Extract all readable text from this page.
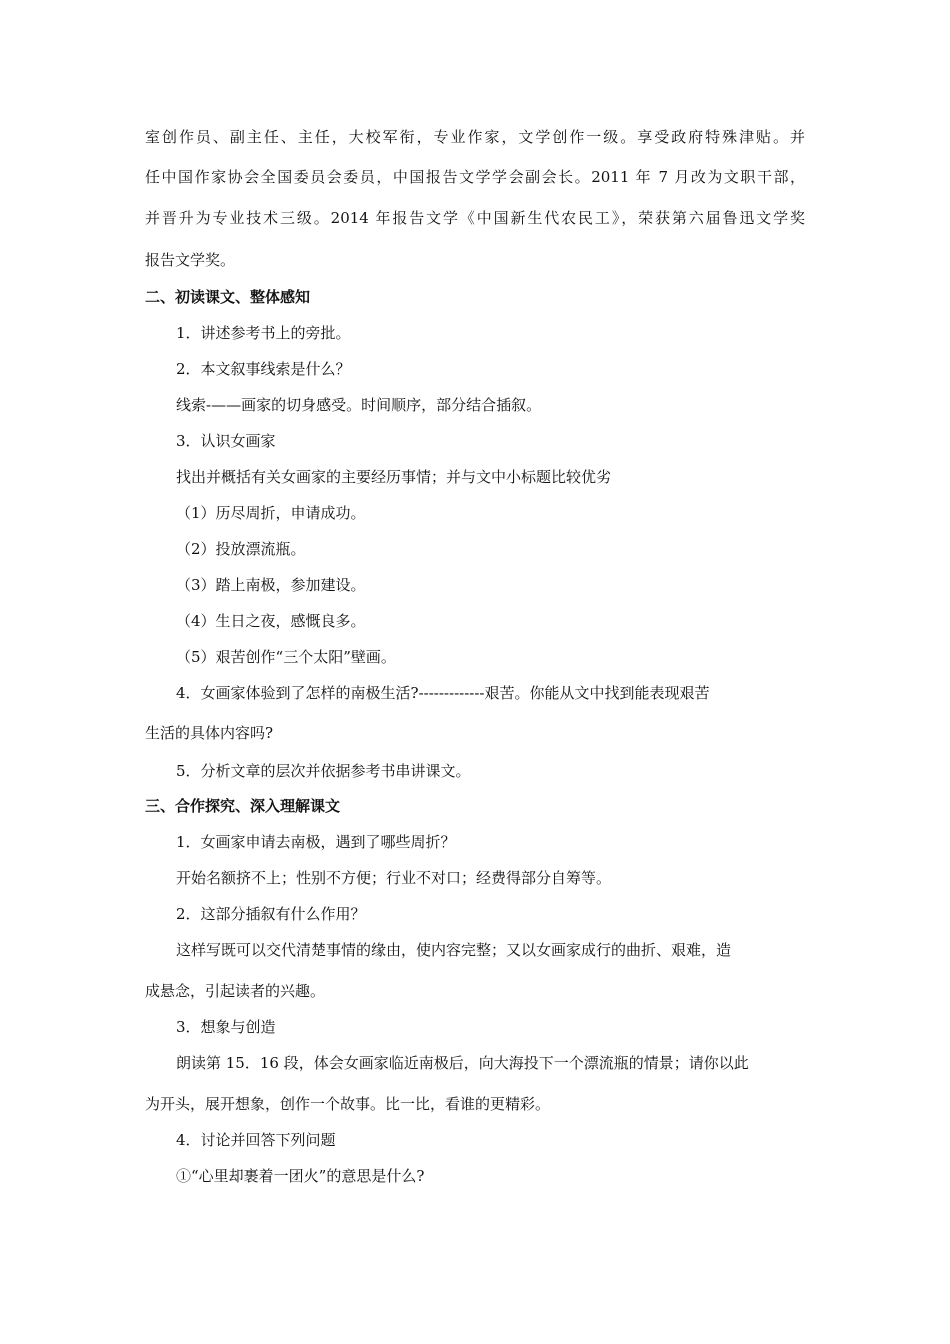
室创作员、副主任、主任，大校军衔，专业作家，文学创作一级。享受政府特殊津贴。并
任中国作家协会全国委员会委员，中国报告文学学会副会长。2011 年 7 月改为文职干部，
并晋升为专业技术三级。2014 年报告文学《中国新生代农民工》，荣获第六届鲁迅文学奖
报告文学奖。
二、初读课文、整体感知
1．讲述参考书上的旁批。
2．本文叙事线索是什么？
线索-——画家的切身感受。时间顺序，部分结合插叙。
3．认识女画家
找出并概括有关女画家的主要经历事情；并与文中小标题比较优劣
（1）历尽周折，申请成功。
（2）投放漂流瓶。
（3）踏上南极，参加建设。
（4）生日之夜，感慨良多。
（5）艰苦创作“三个太阳”壁画。
4．女画家体验到了怎样的南极生活?-------------艰苦。你能从文中找到能表现艰苦
生活的具体内容吗?
5．分析文章的层次并依据参考书串讲课文。
三、合作探究、深入理解课文
1．女画家申请去南极，遇到了哪些周折？
开始名额挤不上；性别不方便；行业不对口；经费得部分自筹等。
2．这部分插叙有什么作用？
这样写既可以交代清楚事情的缘由，使内容完整；又以女画家成行的曲折、艰难，造
成悬念，引起读者的兴趣。
3．想象与创造
朗读第 15．16 段，体会女画家临近南极后，向大海投下一个漂流瓶的情景；请你以此
为开头，展开想象，创作一个故事。比一比，看谁的更精彩。
4．讨论并回答下列问题
①“心里却裹着一团火”的意思是什么?
